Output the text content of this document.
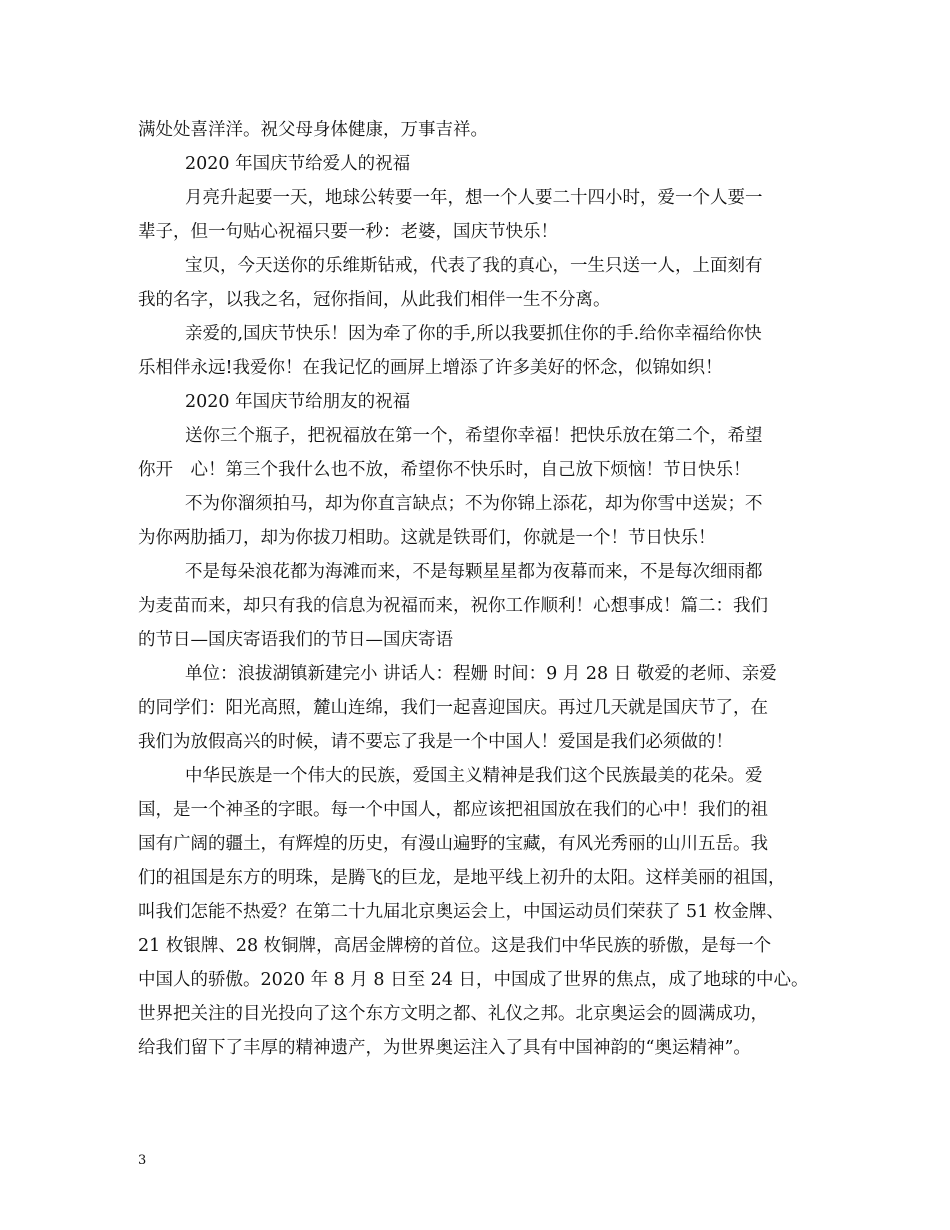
满处处喜洋洋。祝父母身体健康，万事吉祥。
2020 年国庆节给爱人的祝福
月亮升起要一天，地球公转要一年，想一个人要二十四小时，爱一个人要一
辈子，但一句贴心祝福只要一秒：老婆，国庆节快乐！
宝贝，今天送你的乐维斯钻戒，代表了我的真心，一生只送一人，上面刻有
我的名字，以我之名，冠你指间，从此我们相伴一生不分离。
亲爱的,国庆节快乐！因为牵了你的手,所以我要抓住你的手.给你幸福给你快
乐相伴永远!我爱你！在我记忆的画屏上增添了许多美好的怀念，似锦如织！
2020 年国庆节给朋友的祝福
送你三个瓶子，把祝福放在第一个，希望你幸福！把快乐放在第二个，希望
你开　心！第三个我什么也不放，希望你不快乐时，自己放下烦恼！节日快乐！
不为你溜须拍马，却为你直言缺点；不为你锦上添花，却为你雪中送炭；不
为你两肋插刀，却为你拔刀相助。这就是铁哥们，你就是一个！节日快乐！
不是每朵浪花都为海滩而来，不是每颗星星都为夜幕而来，不是每次细雨都
为麦苗而来，却只有我的信息为祝福而来，祝你工作顺利！心想事成！篇二：我们
的节日—国庆寄语我们的节日—国庆寄语
单位：浪拔湖镇新建完小 讲话人：程姗 时间：9 月 28 日 敬爱的老师、亲爱
的同学们：阳光高照，麓山连绵，我们一起喜迎国庆。再过几天就是国庆节了，在
我们为放假高兴的时候，请不要忘了我是一个中国人！爱国是我们必须做的！
中华民族是一个伟大的民族，爱国主义精神是我们这个民族最美的花朵。爱
国，是一个神圣的字眼。每一个中国人，都应该把祖国放在我们的心中！我们的祖
国有广阔的疆土，有辉煌的历史，有漫山遍野的宝藏，有风光秀丽的山川五岳。我
们的祖国是东方的明珠，是腾飞的巨龙，是地平线上初升的太阳。这样美丽的祖国，
叫我们怎能不热爱？在第二十九届北京奥运会上，中国运动员们荣获了 51 枚金牌、
21 枚银牌、28 枚铜牌，高居金牌榜的首位。这是我们中华民族的骄傲，是每一个
中国人的骄傲。2020 年 8 月 8 日至 24 日，中国成了世界的焦点，成了地球的中心。
世界把关注的目光投向了这个东方文明之都、礼仪之邦。北京奥运会的圆满成功，
给我们留下了丰厚的精神遗产，为世界奥运注入了具有中国神韵的“奥运精神”。
3
